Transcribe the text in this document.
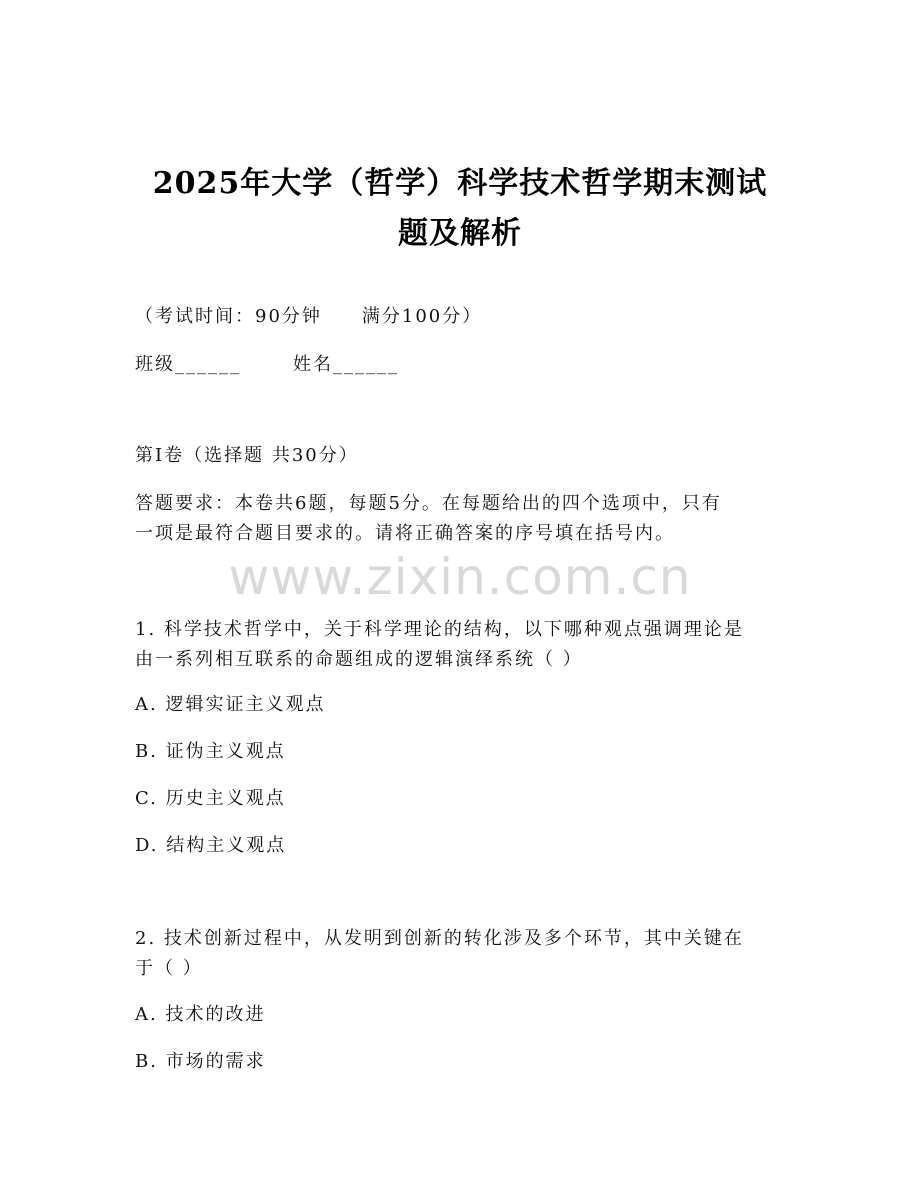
2025年大学（哲学）科学技术哲学期末测试
题及解析
（考试时间：90分钟 满分100分）
班级______	姓名______
第I卷（选择题 共30分）
答题要求：本卷共6题，每题5分。在每题给出的四个选项中，只有
一项是最符合题目要求的。请将正确答案的序号填在括号内。
www.zixin.com.cn
1. 科学技术哲学中，关于科学理论的结构，以下哪种观点强调理论是
由一系列相互联系的命题组成的逻辑演绎系统（ ）
A. 逻辑实证主义观点
B. 证伪主义观点
C. 历史主义观点
D. 结构主义观点
2. 技术创新过程中，从发明到创新的转化涉及多个环节，其中关键在
于（ ）
A. 技术的改进
B. 市场的需求
